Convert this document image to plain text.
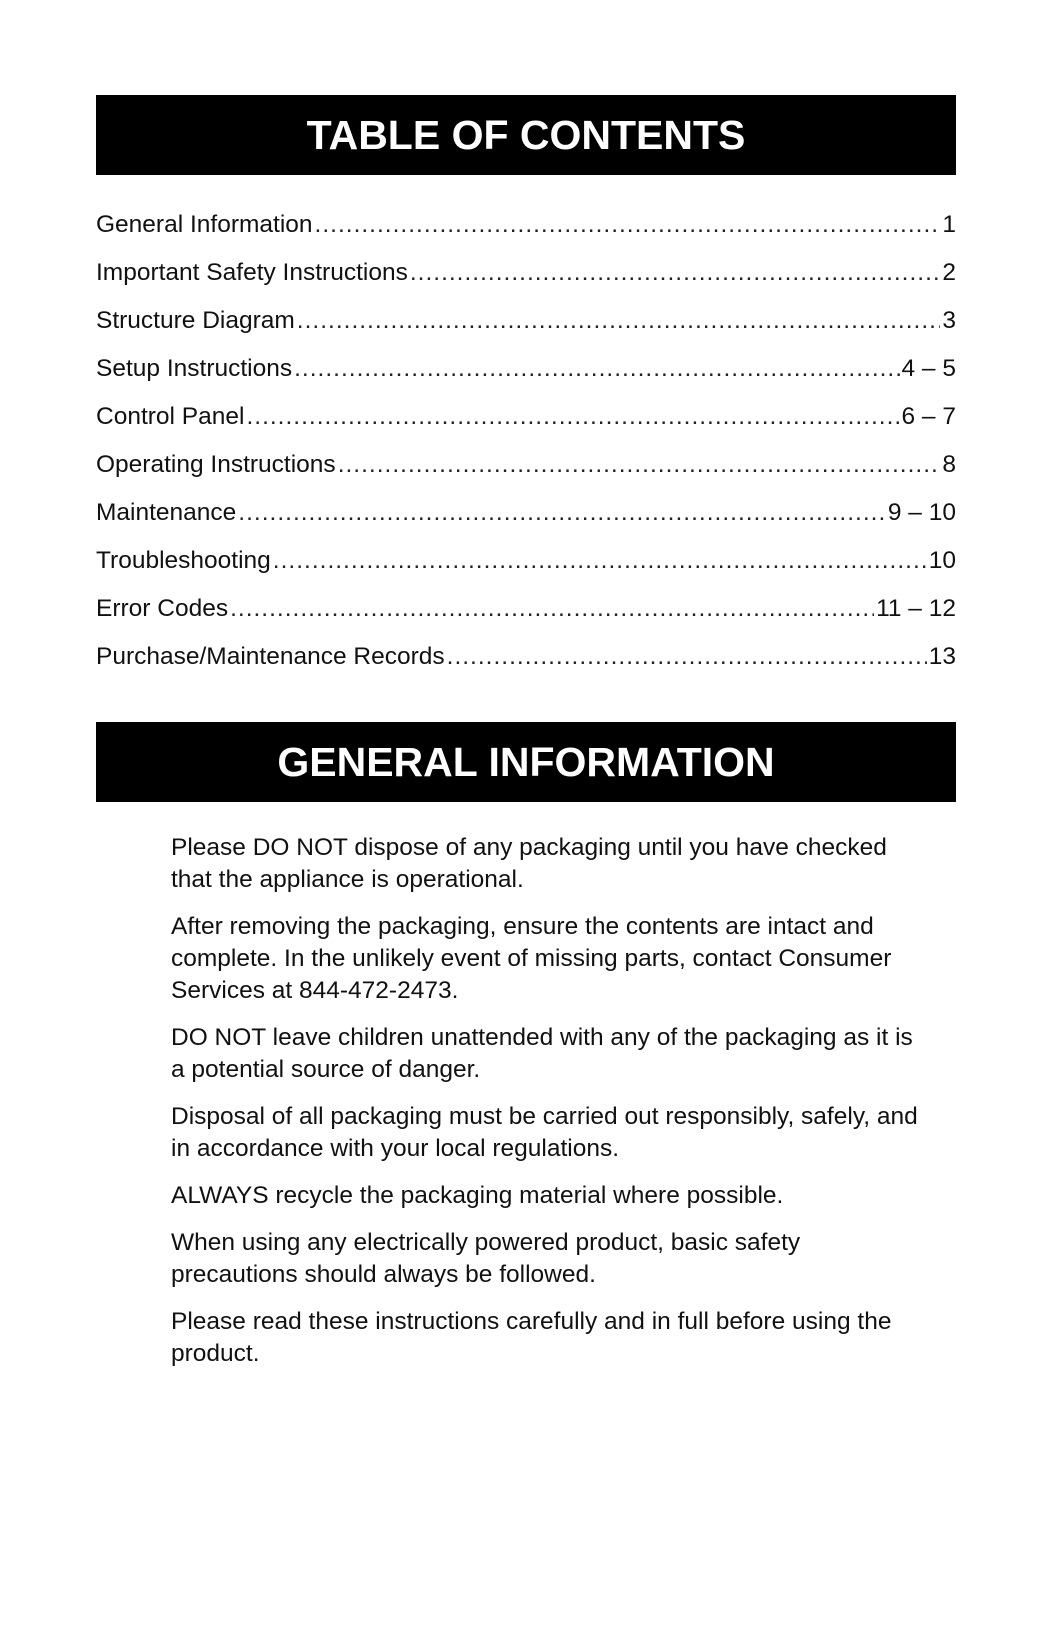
TABLE OF CONTENTS
General Information .....	1
Important Safety Instructions .....	2
Structure Diagram .....	3
Setup Instructions .....	4 – 5
Control Panel .....	6 – 7
Operating Instructions .....	8
Maintenance .....	9 – 10
Troubleshooting .....	10
Error Codes .....	11 – 12
Purchase/Maintenance Records .....	13
GENERAL INFORMATION

Please DO NOT dispose of any packaging until you have checked that the appliance is operational.

After removing the packaging, ensure the contents are intact and complete. In the unlikely event of missing parts, contact Consumer Services at 844-472-2473.

DO NOT leave children unattended with any of the packaging as it is a potential source of danger.

Disposal of all packaging must be carried out responsibly, safely, and in accordance with your local regulations.

ALWAYS recycle the packaging material where possible.

When using any electrically powered product, basic safety precautions should always be followed.

Please read these instructions carefully and in full before using the product.
